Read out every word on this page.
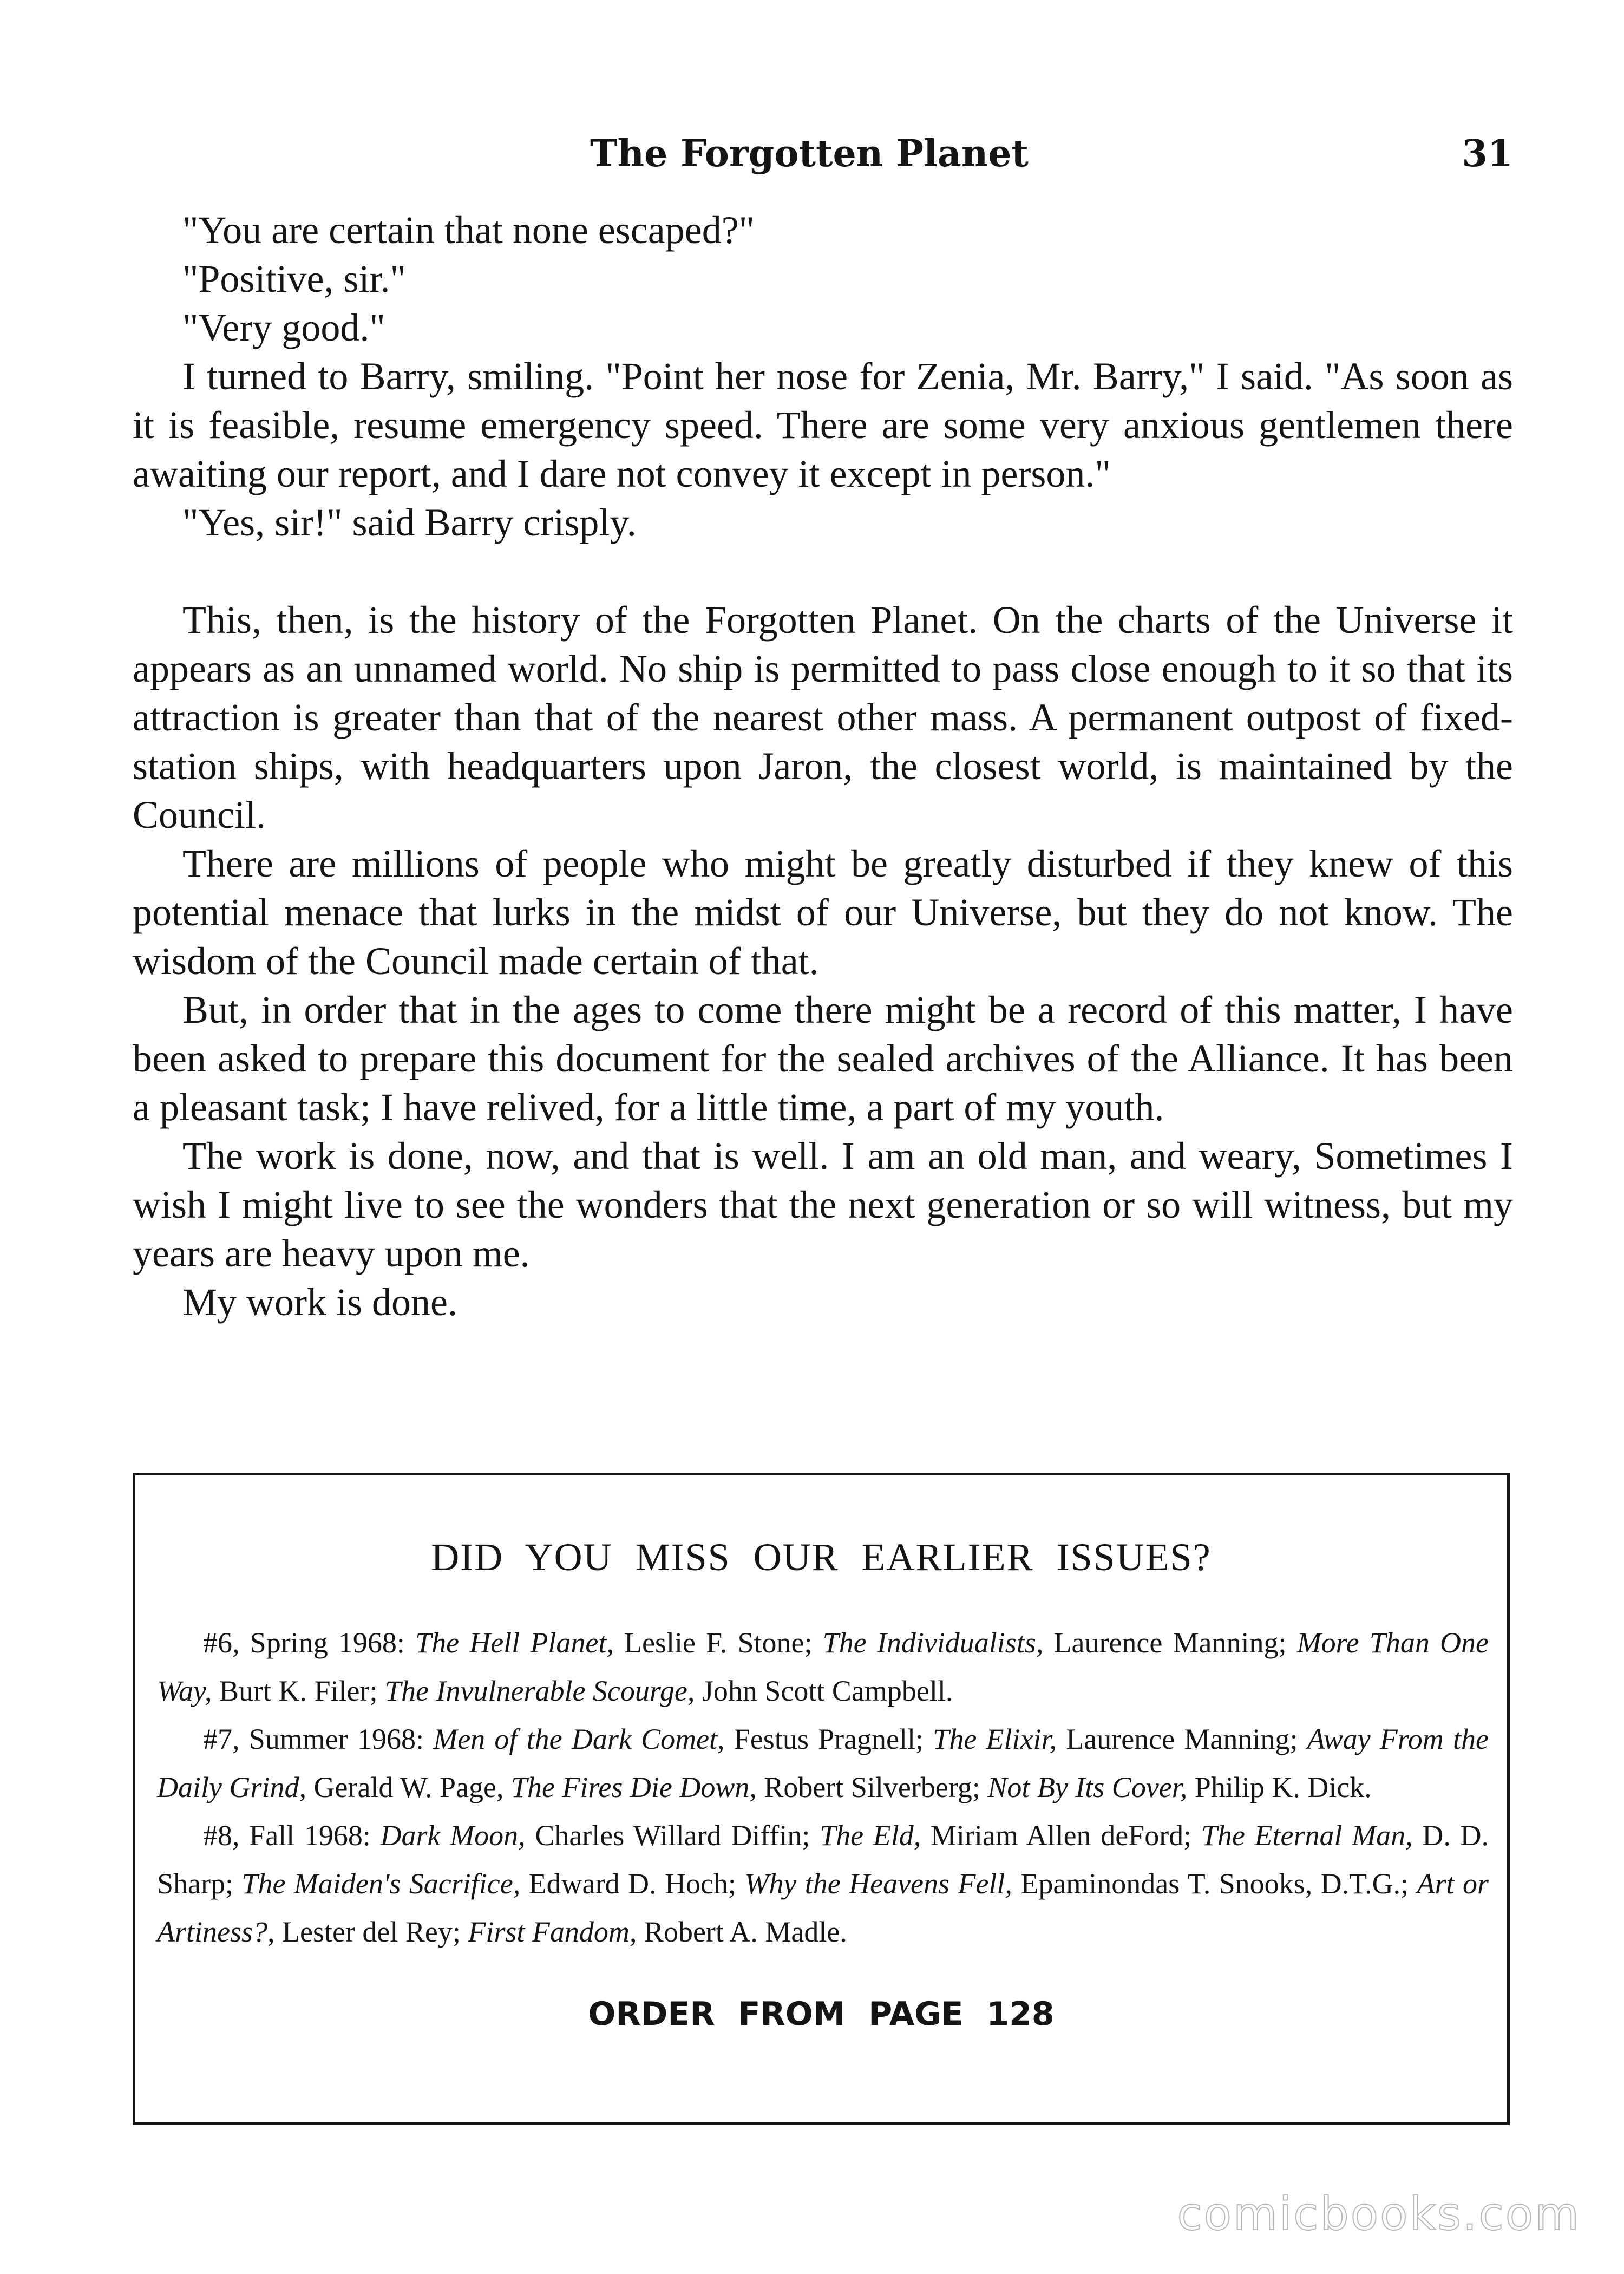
The Forgotten Planet	31

"You are certain that none escaped?"

"Positive, sir."

"Very good."

I turned to Barry, smiling. "Point her nose for Zenia, Mr. Barry," I said. "As soon as it is feasible, resume emergency speed. There are some very anxious gentlemen there awaiting our report, and I dare not convey it except in person."

"Yes, sir!" said Barry crisply.

This, then, is the history of the Forgotten Planet. On the charts of the Universe it appears as an unnamed world. No ship is permitted to pass close enough to it so that its attraction is greater than that of the nearest other mass. A permanent outpost of fixed-station ships, with headquarters upon Jaron, the closest world, is maintained by the Council.

There are millions of people who might be greatly disturbed if they knew of this potential menace that lurks in the midst of our Universe, but they do not know. The wisdom of the Council made certain of that.

But, in order that in the ages to come there might be a record of this matter, I have been asked to prepare this document for the sealed archives of the Alliance. It has been a pleasant task; I have relived, for a little time, a part of my youth.

The work is done, now, and that is well. I am an old man, and weary, Sometimes I wish I might live to see the wonders that the next generation or so will witness, but my years are heavy upon me.

My work is done.

DID YOU MISS OUR EARLIER ISSUES?

#6, Spring 1968: The Hell Planet, Leslie F. Stone; The Individualists, Laurence Manning; More Than One Way, Burt K. Filer; The Invulnerable Scourge, John Scott Campbell.

#7, Summer 1968: Men of the Dark Comet, Festus Pragnell; The Elixir, Laurence Manning; Away From the Daily Grind, Gerald W. Page, The Fires Die Down, Robert Silverberg; Not By Its Cover, Philip K. Dick.

#8, Fall 1968: Dark Moon, Charles Willard Diffin; The Eld, Miriam Allen deFord; The Eternal Man, D. D. Sharp; The Maiden's Sacrifice, Edward D. Hoch; Why the Heavens Fell, Epaminondas T. Snooks, D.T.G.; Art or Artiness?, Lester del Rey; First Fandom, Robert A. Madle.

ORDER FROM PAGE 128
comicbooks.com
